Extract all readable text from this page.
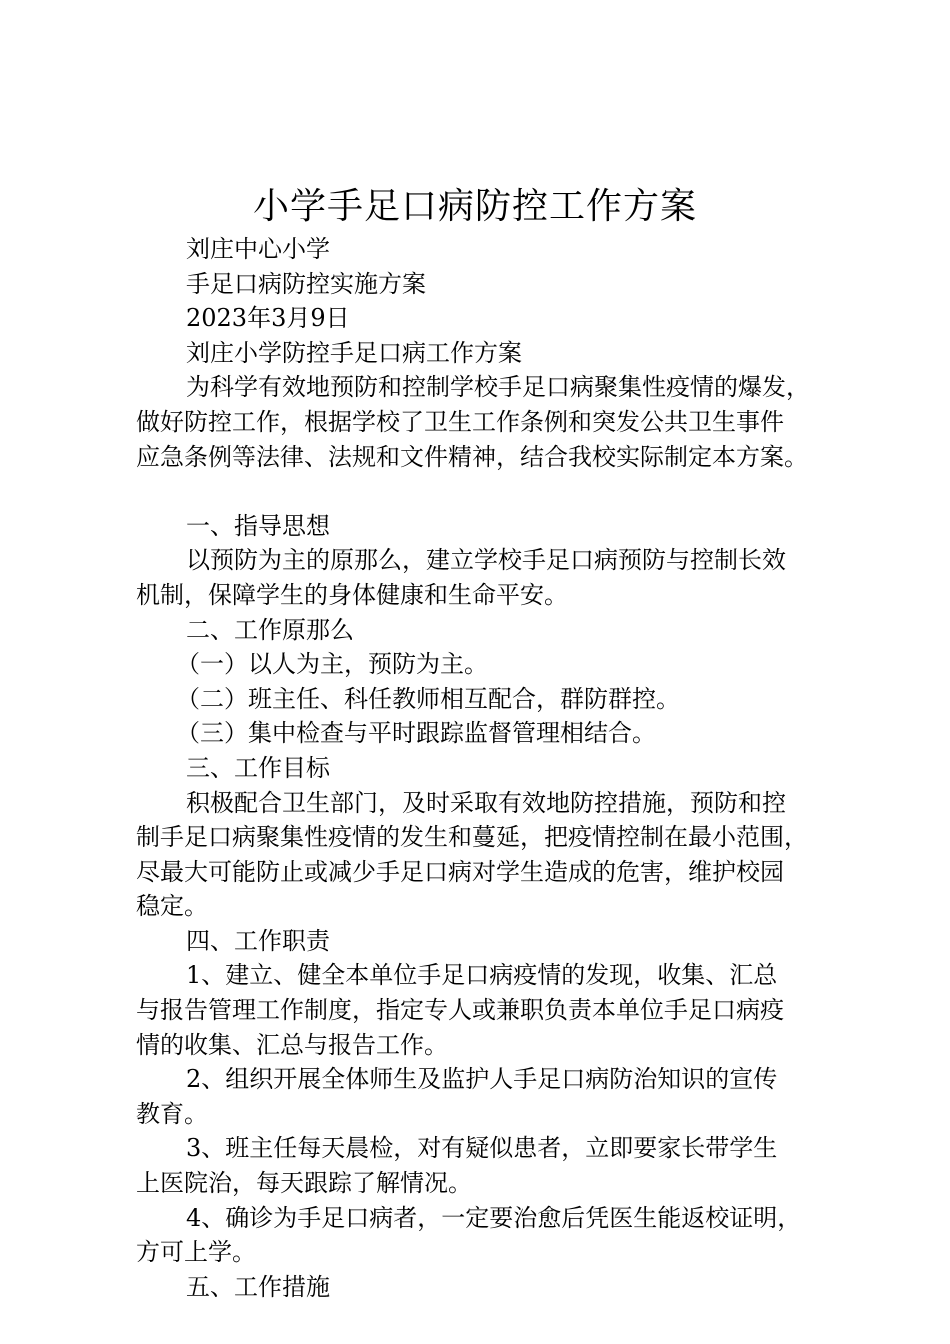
小学手足口病防控工作方案
刘庄中心小学
手足口病防控实施方案
2023年3月9日
刘庄小学防控手足口病工作方案
为科学有效地预防和控制学校手足口病聚集性疫情的爆发，
做好防控工作，根据学校了卫生工作条例和突发公共卫生事件
应急条例等法律、法规和文件精神，结合我校实际制定本方案。
一、指导思想
以预防为主的原那么，建立学校手足口病预防与控制长效
机制，保障学生的身体健康和生命平安。
二、工作原那么
（一）以人为主，预防为主。
（二）班主任、科任教师相互配合，群防群控。
（三）集中检查与平时跟踪监督管理相结合。
三、工作目标
积极配合卫生部门，及时采取有效地防控措施，预防和控
制手足口病聚集性疫情的发生和蔓延，把疫情控制在最小范围，
尽最大可能防止或减少手足口病对学生造成的危害，维护校园
稳定。
四、工作职责
1、建立、健全本单位手足口病疫情的发现，收集、汇总
与报告管理工作制度，指定专人或兼职负责本单位手足口病疫
情的收集、汇总与报告工作。
2、组织开展全体师生及监护人手足口病防治知识的宣传
教育。
3、班主任每天晨检，对有疑似患者，立即要家长带学生
上医院治，每天跟踪了解情况。
4、确诊为手足口病者，一定要治愈后凭医生能返校证明，
方可上学。
五、工作措施
